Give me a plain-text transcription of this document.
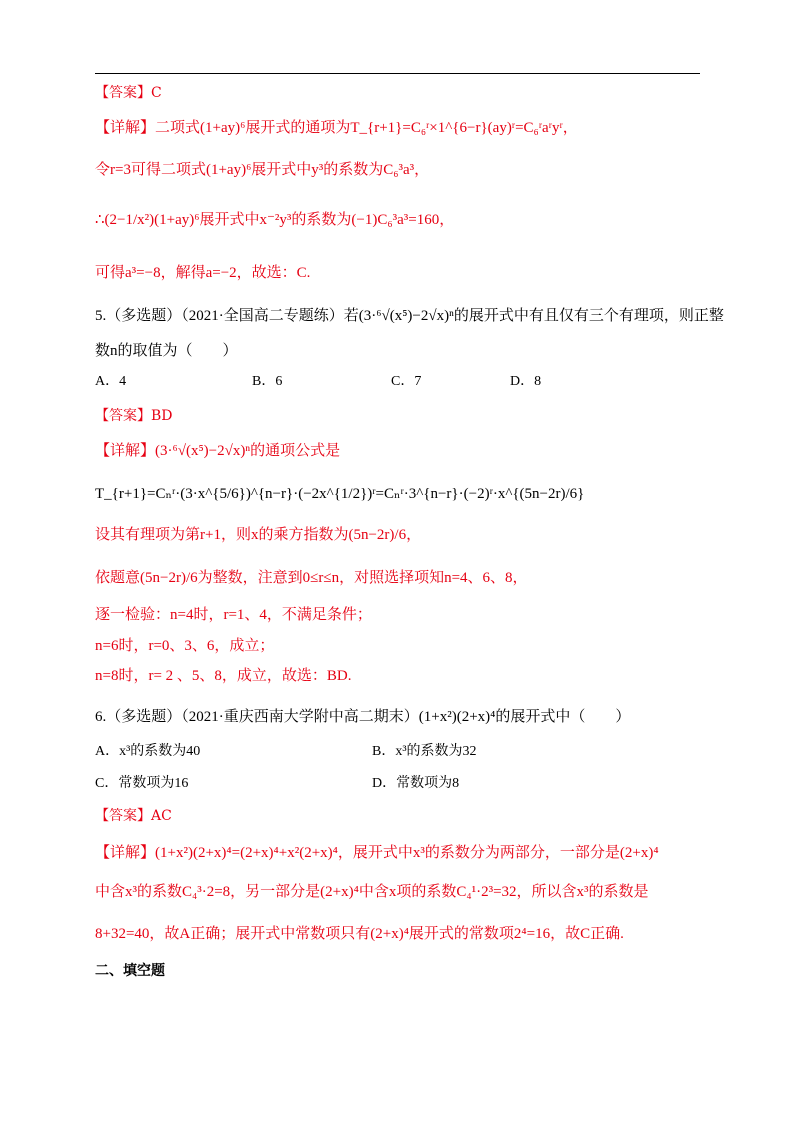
【答案】C
【详解】二项式(1+ay)⁶展开式的通项为T_{r+1}=C₆ʳ×1^{6−r}(ay)ʳ=C₆ʳaʳyʳ，
令r=3可得二项式(1+ay)⁶展开式中y³的系数为C₆³a³，
∴(2−1/x²)(1+ay)⁶展开式中x⁻²y³的系数为(−1)C₆³a³=160，
可得a³=−8，解得a=−2，故选：C.
5.（多选题）（2021·全国高二专题练）若(3·⁶√(x⁵)−2√x)ⁿ的展开式中有且仅有三个有理项，则正整
数n的取值为（　　）
A．4	B．6	C．7	D．8
【答案】BD
【详解】(3·⁶√(x⁵)−2√x)ⁿ的通项公式是
T_{r+1}=Cₙʳ·(3·x^{5/6})^{n−r}·(−2x^{1/2})ʳ=Cₙʳ·3^{n−r}·(−2)ʳ·x^{(5n−2r)/6}
设其有理项为第r+1，则x的乘方指数为(5n−2r)/6，
依题意(5n−2r)/6为整数，注意到0≤r≤n，对照选择项知n=4、6、8，
逐一检验：n=4时，r=1、4，不满足条件；
n=6时，r=0、3、6，成立；
n=8时，r= 2 、5、8，成立，故选：BD.
6.（多选题）（2021·重庆西南大学附中高二期末）(1+x²)(2+x)⁴的展开式中（　　）
A．x³的系数为40	B．x³的系数为32
C．常数项为16	D．常数项为8
【答案】AC
【详解】(1+x²)(2+x)⁴=(2+x)⁴+x²(2+x)⁴，展开式中x³的系数分为两部分，一部分是(2+x)⁴
中含x³的系数C₄³·2=8，另一部分是(2+x)⁴中含x项的系数C₄¹·2³=32，所以含x³的系数是
8+32=40，故A正确；展开式中常数项只有(2+x)⁴展开式的常数项2⁴=16，故C正确.
二、填空题
